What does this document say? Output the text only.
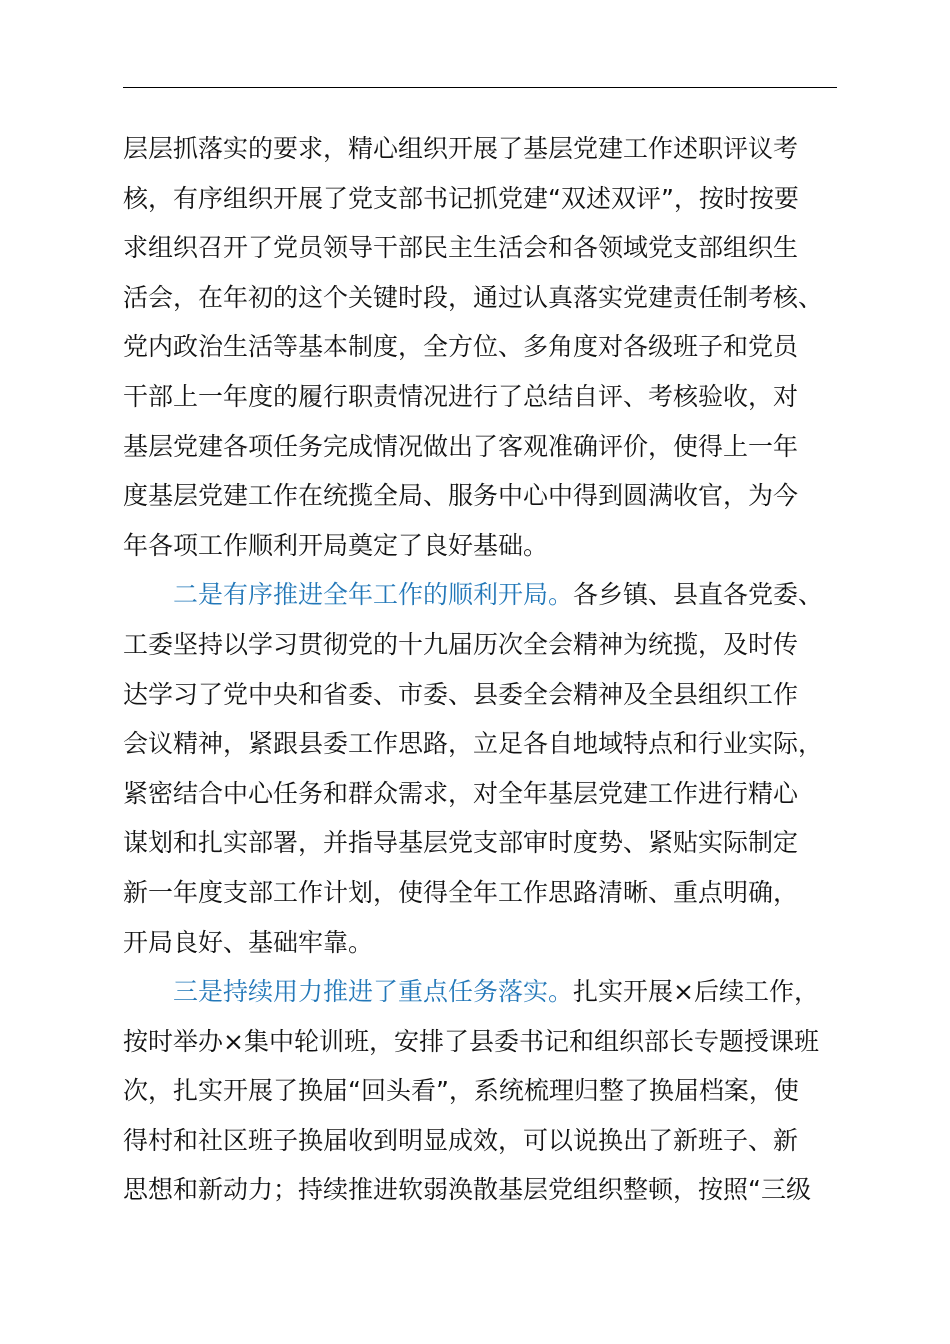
层层抓落实的要求，精心组织开展了基层党建工作述职评议考
核，有序组织开展了党支部书记抓党建“双述双评”，按时按要
求组织召开了党员领导干部民主生活会和各领域党支部组织生
活会，在年初的这个关键时段，通过认真落实党建责任制考核、
党内政治生活等基本制度，全方位、多角度对各级班子和党员
干部上一年度的履行职责情况进行了总结自评、考核验收，对
基层党建各项任务完成情况做出了客观准确评价，使得上一年
度基层党建工作在统揽全局、服务中心中得到圆满收官，为今
年各项工作顺利开局奠定了良好基础。
二是有序推进全年工作的顺利开局。各乡镇、县直各党委、
工委坚持以学习贯彻党的十九届历次全会精神为统揽，及时传
达学习了党中央和省委、市委、县委全会精神及全县组织工作
会议精神，紧跟县委工作思路，立足各自地域特点和行业实际，
紧密结合中心任务和群众需求，对全年基层党建工作进行精心
谋划和扎实部署，并指导基层党支部审时度势、紧贴实际制定
新一年度支部工作计划，使得全年工作思路清晰、重点明确，
开局良好、基础牢靠。
三是持续用力推进了重点任务落实。扎实开展×后续工作，
按时举办×集中轮训班，安排了县委书记和组织部长专题授课班
次，扎实开展了换届“回头看”，系统梳理归整了换届档案，使
得村和社区班子换届收到明显成效，可以说换出了新班子、新
思想和新动力；持续推进软弱涣散基层党组织整顿，按照“三级
